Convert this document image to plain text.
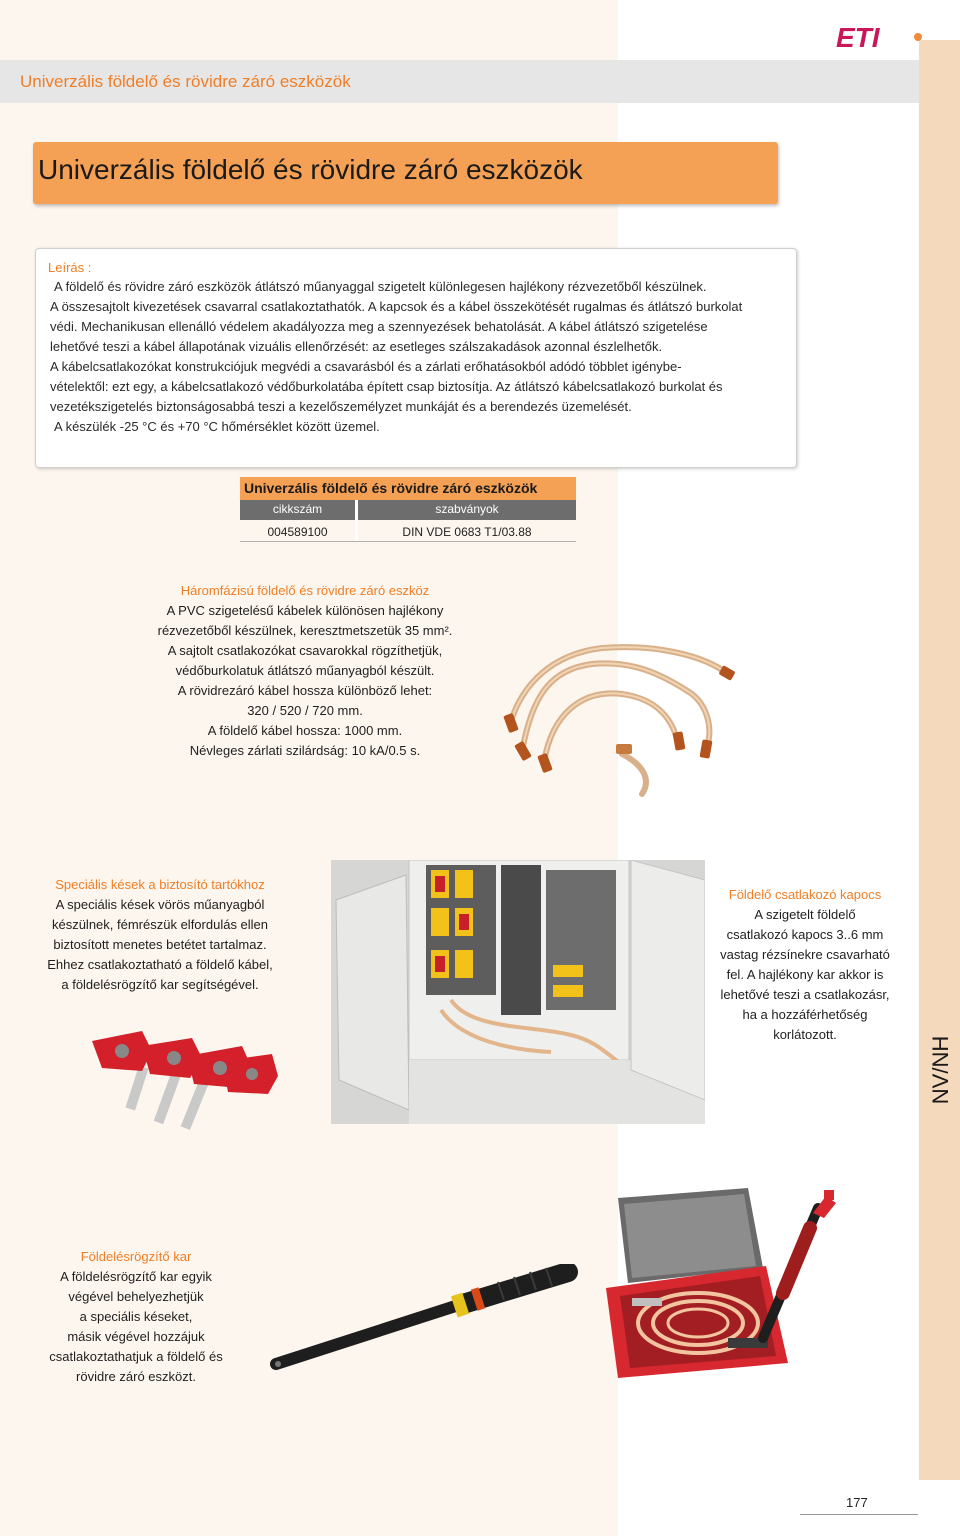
Univerzális földelő és rövidre záró eszközök
ETI
Univerzális földelő és rövidre záró eszközök
Leírás :
A földelő és rövidre záró eszközök átlátszó műanyaggal szigetelt különlegesen hajlékony rézvezetőből készülnek.
A összesajtolt kivezetések csavarral csatlakoztathatók. A kapcsok és a kábel összekötését rugalmas és átlátszó burkolat
védi. Mechanikusan ellenálló védelem akadályozza meg a szennyezések behatolását. A kábel átlátszó szigetelése
lehetővé teszi a kábel állapotának vizuális ellenőrzését: az esetleges szálszakadások azonnal észlelhetők.
A kábelcsatlakozókat konstrukciójuk megvédi a csavarásból és a zárlati erőhatásokból adódó többlet igénybe-
vételektől: ezt egy, a kábelcsatlakozó védőburkolatába épített csap biztosítja. Az átlátszó kábelcsatlakozó burkolat és
vezetékszigetelés biztonságosabbá teszi a kezelőszemélyzet munkáját és a berendezés üzemelését.
A készülék -25 °C és +70 °C hőmérséklet között üzemel.
Univerzális földelő és rövidre záró eszközök
cikkszám	szabványok
004589100	DIN VDE 0683 T1/03.88
Háromfázisú földelő és rövidre záró eszköz
A PVC szigetelésű kábelek különösen hajlékony
rézvezetőből készülnek, keresztmetszetük 35 mm².
A sajtolt csatlakozókat csavarokkal rögzíthetjük,
védőburkolatuk átlátszó műanyagból készült.
A rövidrezáró kábel hossza különböző lehet:
320 / 520 / 720 mm.
A földelő kábel hossza: 1000 mm.
Névleges zárlati szilárdság: 10 kA/0.5 s.
Speciális kések a biztosító tartókhoz
A speciális kések vörös műanyagból
készülnek, fémrészük elfordulás ellen
biztosított menetes betétet tartalmaz.
Ehhez csatlakoztatható a földelő kábel,
a földelésrögzítő kar segítségével.
Földelő csatlakozó kapocs
A szigetelt földelő
csatlakozó kapocs 3..6 mm
vastag rézsínekre csavarható
fel. A hajlékony kar akkor is
lehetővé teszi a csatlakozásr,
ha a hozzáférhetőség
korlátozott.
NV/NH
Földelésrögzítő kar
A földelésrögzítő kar egyik
végével behelyezhetjük
a speciális késeket,
másik végével hozzájuk
csatlakoztathatjuk a földelő és
rövidre záró eszközt.
177
